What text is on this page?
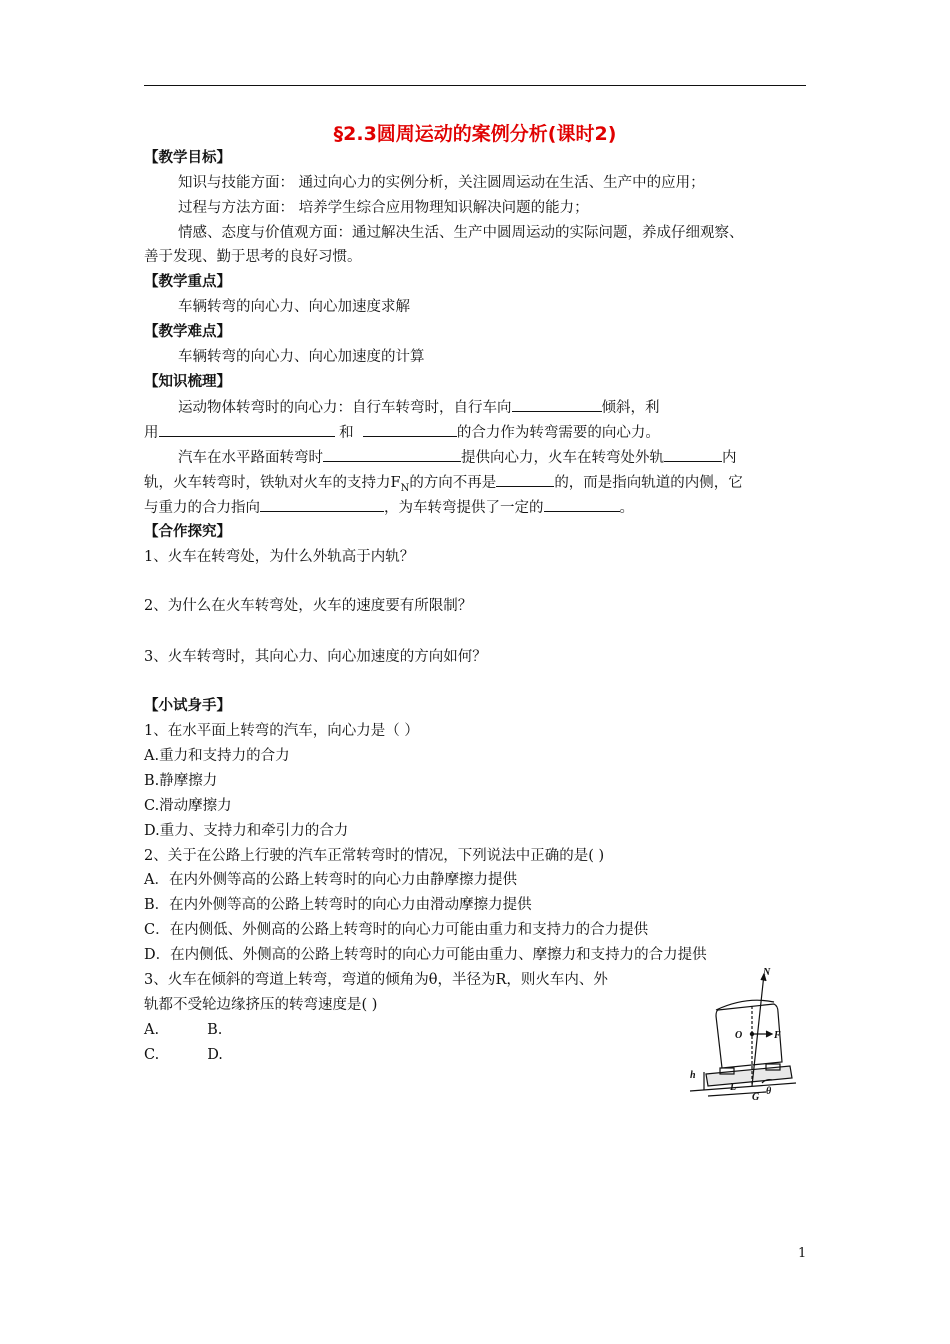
§2.3圆周运动的案例分析(课时2)
【教学目标】
知识与技能方面： 通过向心力的实例分析，关注圆周运动在生活、生产中的应用；
过程与方法方面： 培养学生综合应用物理知识解决问题的能力；
情感、态度与价值观方面：通过解决生活、生产中圆周运动的实际问题，养成仔细观察、
善于发现、勤于思考的良好习惯。
【教学重点】
车辆转弯的向心力、向心加速度求解
【教学难点】
车辆转弯的向心力、向心加速度的计算
【知识梳理】
运动物体转弯时的向心力：自行车转弯时，自行车向	倾斜，利
用	和	的合力作为转弯需要的向心力。
汽车在水平路面转弯时	提供向心力，火车在转弯处外轨	内
轨，火车转弯时，铁轨对火车的支持力$F_N$的方向不再是	的，而是指向轨道的内侧，它
与重力的合力指向	，为车转弯提供了一定的	。
【合作探究】
1、火车在转弯处，为什么外轨高于内轨？
2、为什么在火车转弯处，火车的速度要有所限制？
3、火车转弯时，其向心力、向心加速度的方向如何？
【小试身手】
1、在水平面上转弯的汽车，向心力是（ ）
A.重力和支持力的合力
B.静摩擦力
C.滑动摩擦力
D.重力、支持力和牵引力的合力
2、关于在公路上行驶的汽车正常转弯时的情况，下列说法中正确的是( )
A．在内外侧等高的公路上转弯时的向心力由静摩擦力提供
B．在内外侧等高的公路上转弯时的向心力由滑动摩擦力提供
C．在内侧低、外侧高的公路上转弯时的向心力可能由重力和支持力的合力提供
D．在内侧低、外侧高的公路上转弯时的向心力可能由重力、摩擦力和支持力的合力提供
3、火车在倾斜的弯道上转弯，弯道的倾角为θ，半径为R，则火车内、外
轨都不受轮边缘挤压的转弯速度是( )
A.	B.
C.	D.
N
O	F
h
L
G
θ
1
